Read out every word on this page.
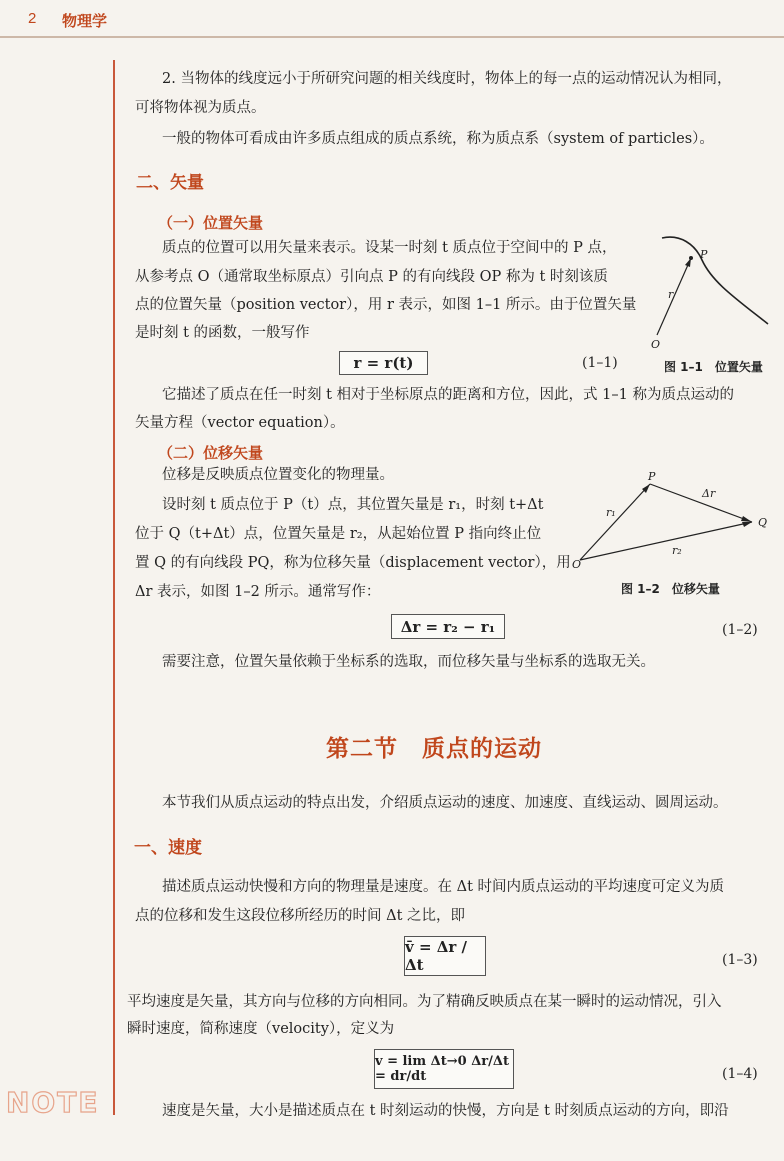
2 物理学
NOTE
2. 当物体的线度远小于所研究问题的相关线度时，物体上的每一点的运动情况认为相同，
可将物体视为质点。
一般的物体可看成由许多质点组成的质点系统，称为质点系（system of particles）。
二、矢量
（一）位置矢量
质点的位置可以用矢量来表示。设某一时刻 t 质点位于空间中的 P 点，
从参考点 O（通常取坐标原点）引向点 P 的有向线段 OP 称为 t 时刻该质
点的位置矢量（position vector），用 r 表示，如图 1–1 所示。由于位置矢量
是时刻 t 的函数，一般写作
r = r(t)	(1–1)
P
O
r
图 1–1　位置矢量
它描述了质点在任一时刻 t 相对于坐标原点的距离和方位，因此，式 1–1 称为质点运动的
矢量方程（vector equation）。
（二）位移矢量
位移是反映质点位置变化的物理量。
设时刻 t 质点位于 P（t）点，其位置矢量是 r₁，时刻 t+Δt
位于 Q（t+Δt）点，位置矢量是 r₂，从起始位置 P 指向终止位
置 Q 的有向线段 PQ，称为位移矢量（displacement vector），用
Δr 表示，如图 1–2 所示。通常写作：
P
Q
O
r₁
r₂
Δr
图 1–2　位移矢量
Δr = r₂ − r₁	(1–2)
需要注意，位置矢量依赖于坐标系的选取，而位移矢量与坐标系的选取无关。
第二节　质点的运动
本节我们从质点运动的特点出发，介绍质点运动的速度、加速度、直线运动、圆周运动。
一、速度
描述质点运动快慢和方向的物理量是速度。在 Δt 时间内质点运动的平均速度可定义为质
点的位移和发生这段位移所经历的时间 Δt 之比，即
v̄ = Δr / Δt	(1–3)
平均速度是矢量，其方向与位移的方向相同。为了精确反映质点在某一瞬时的运动情况，引入
瞬时速度，简称速度（velocity），定义为
v = lim Δt→0 Δr/Δt = dr/dt	(1–4)
速度是矢量，大小是描述质点在 t 时刻运动的快慢，方向是 t 时刻质点运动的方向，即沿
